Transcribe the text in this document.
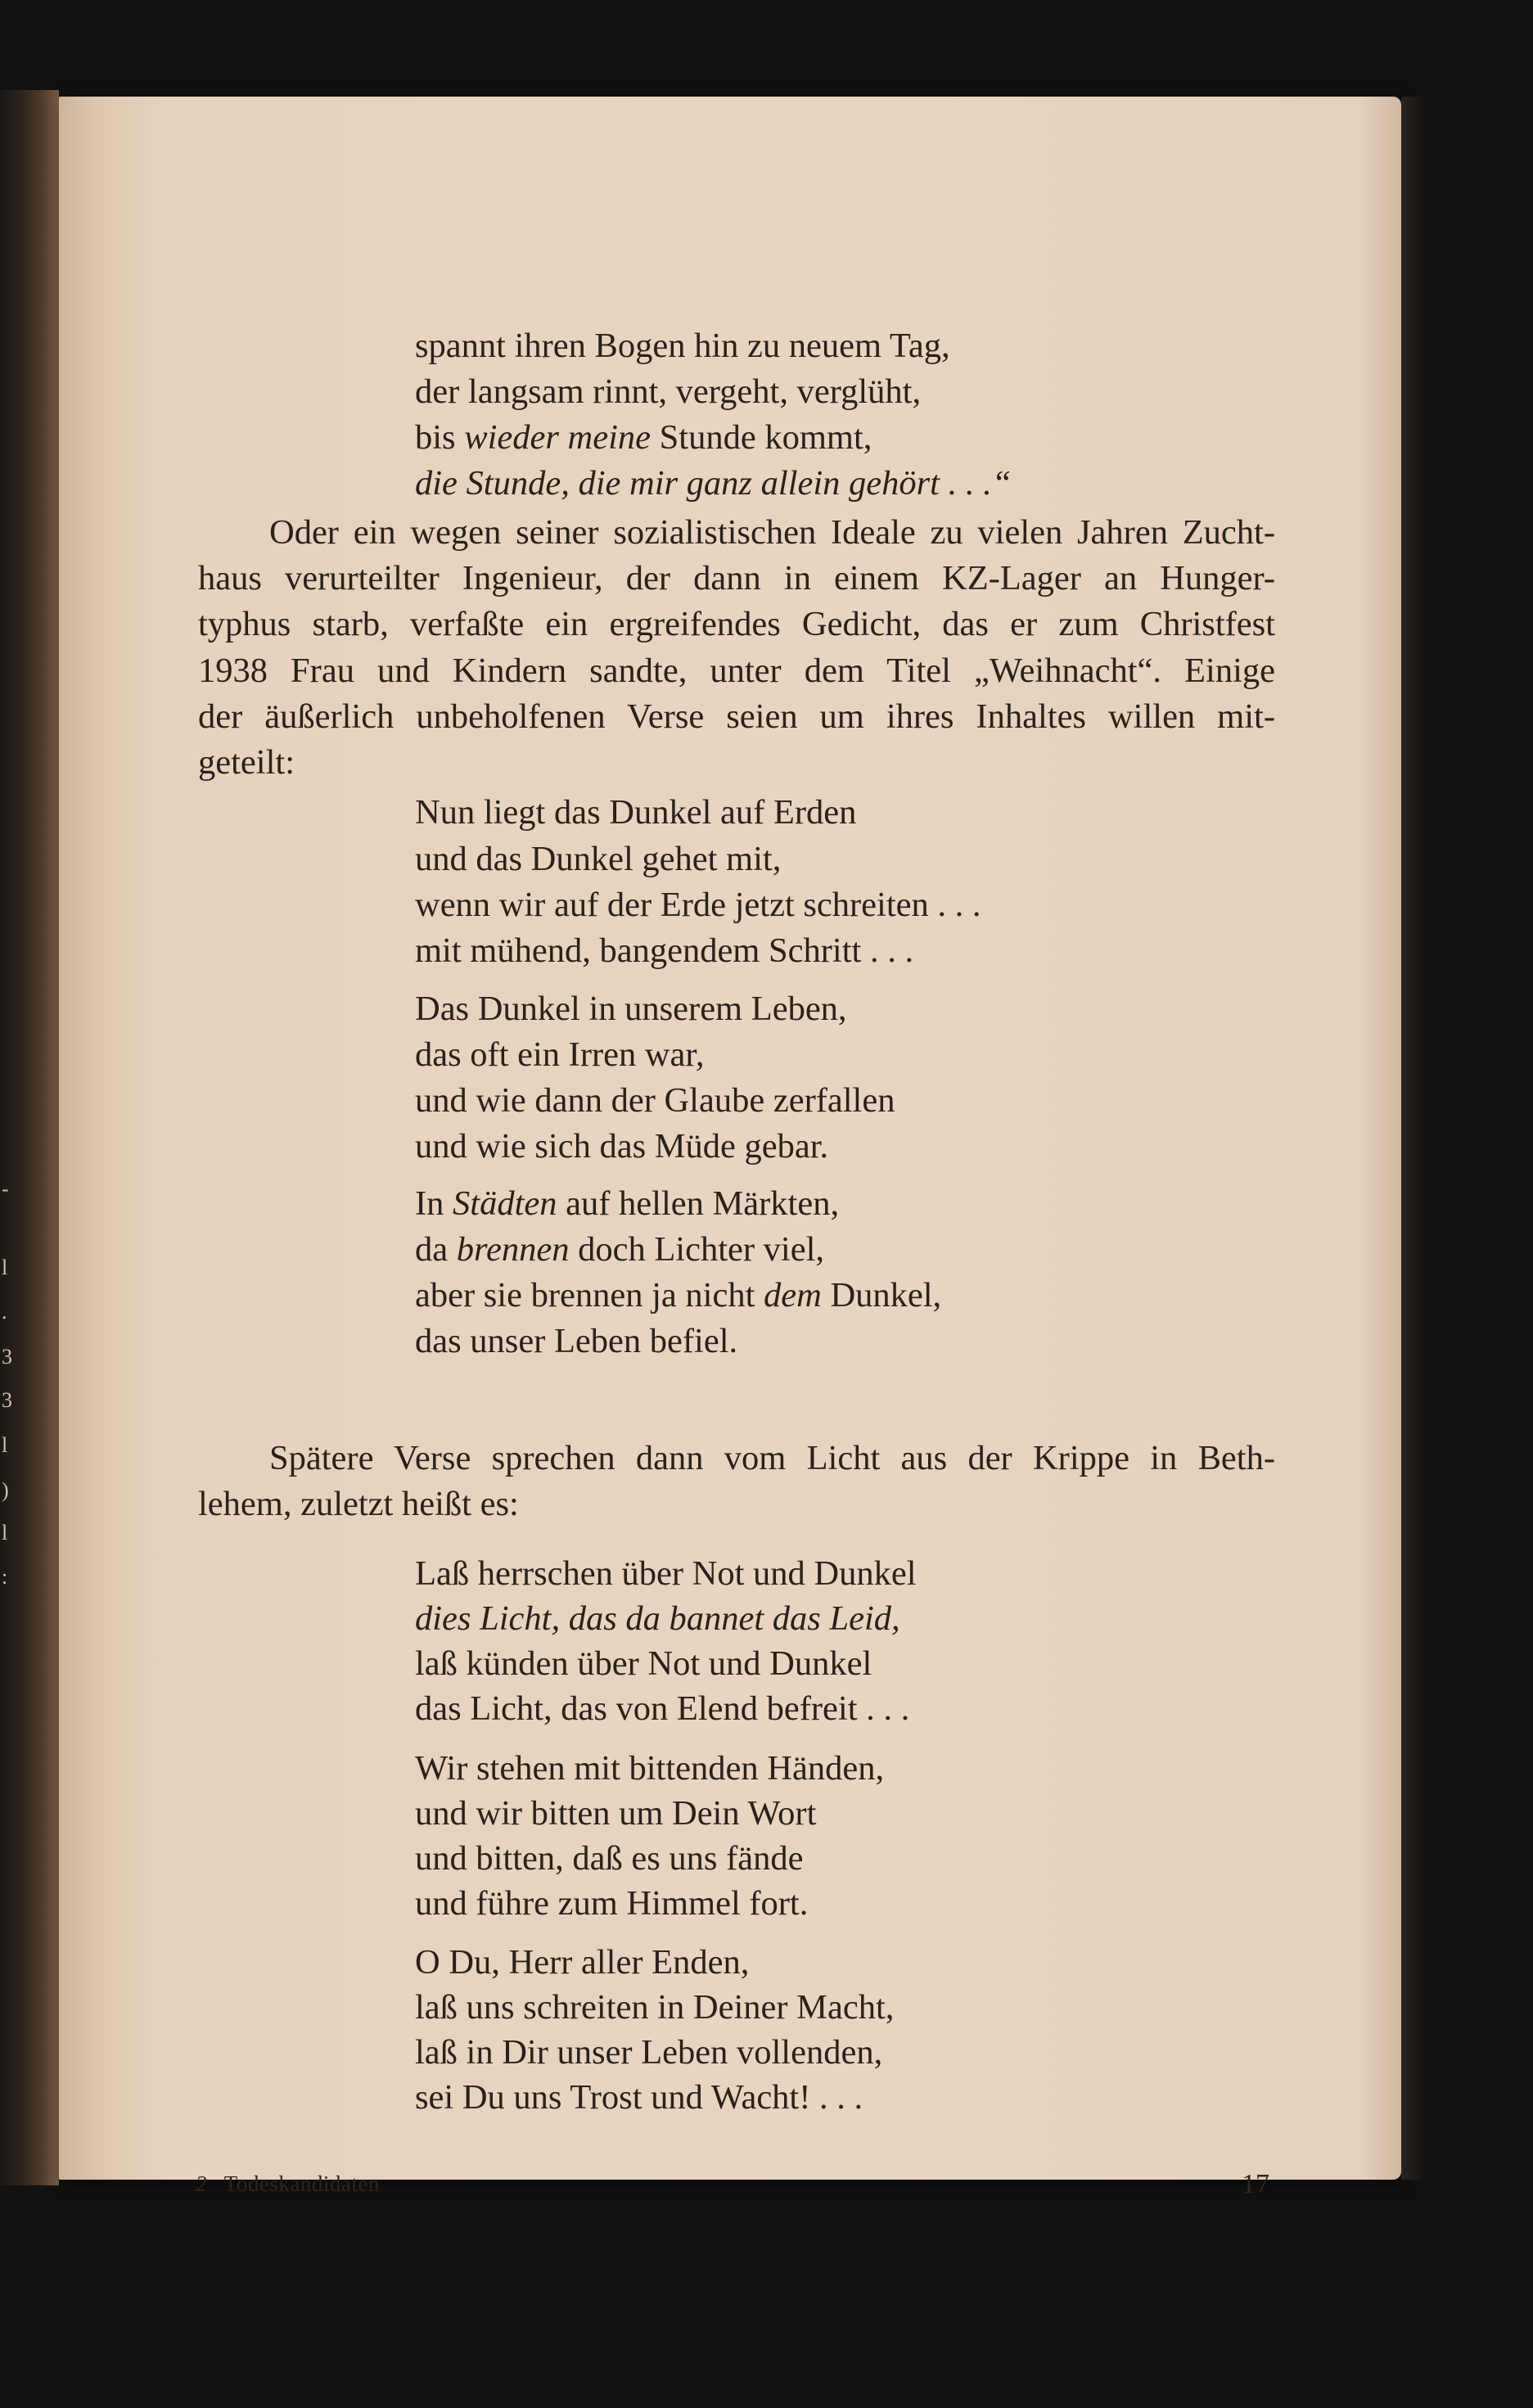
-
l
.
3
3
l
)
l
:
spannt ihren Bogen hin zu neuem Tag,
der langsam rinnt, vergeht, verglüht,
bis wieder meine Stunde kommt,
die Stunde, die mir ganz allein gehört . . .“
Oder ein wegen seiner sozialistischen Ideale zu vielen Jahren Zucht-
haus verurteilter Ingenieur, der dann in einem KZ-Lager an Hunger-
typhus starb, verfaßte ein ergreifendes Gedicht, das er zum Christfest
1938 Frau und Kindern sandte, unter dem Titel „Weihnacht“. Einige
der äußerlich unbeholfenen Verse seien um ihres Inhaltes willen mit-
geteilt:
Nun liegt das Dunkel auf Erden
und das Dunkel gehet mit,
wenn wir auf der Erde jetzt schreiten . . .
mit mühend, bangendem Schritt . . .
Das Dunkel in unserem Leben,
das oft ein Irren war,
und wie dann der Glaube zerfallen
und wie sich das Müde gebar.
In Städten auf hellen Märkten,
da brennen doch Lichter viel,
aber sie brennen ja nicht dem Dunkel,
das unser Leben befiel.
Spätere Verse sprechen dann vom Licht aus der Krippe in Beth-
lehem, zuletzt heißt es:
Laß herrschen über Not und Dunkel
dies Licht, das da bannet das Leid,
laß künden über Not und Dunkel
das Licht, das von Elend befreit . . .
Wir stehen mit bittenden Händen,
und wir bitten um Dein Wort
und bitten, daß es uns fände
und führe zum Himmel fort.
O Du, Herr aller Enden,
laß uns schreiten in Deiner Macht,
laß in Dir unser Leben vollenden,
sei Du uns Trost und Wacht! . . .
2 Todeskandidaten	17
